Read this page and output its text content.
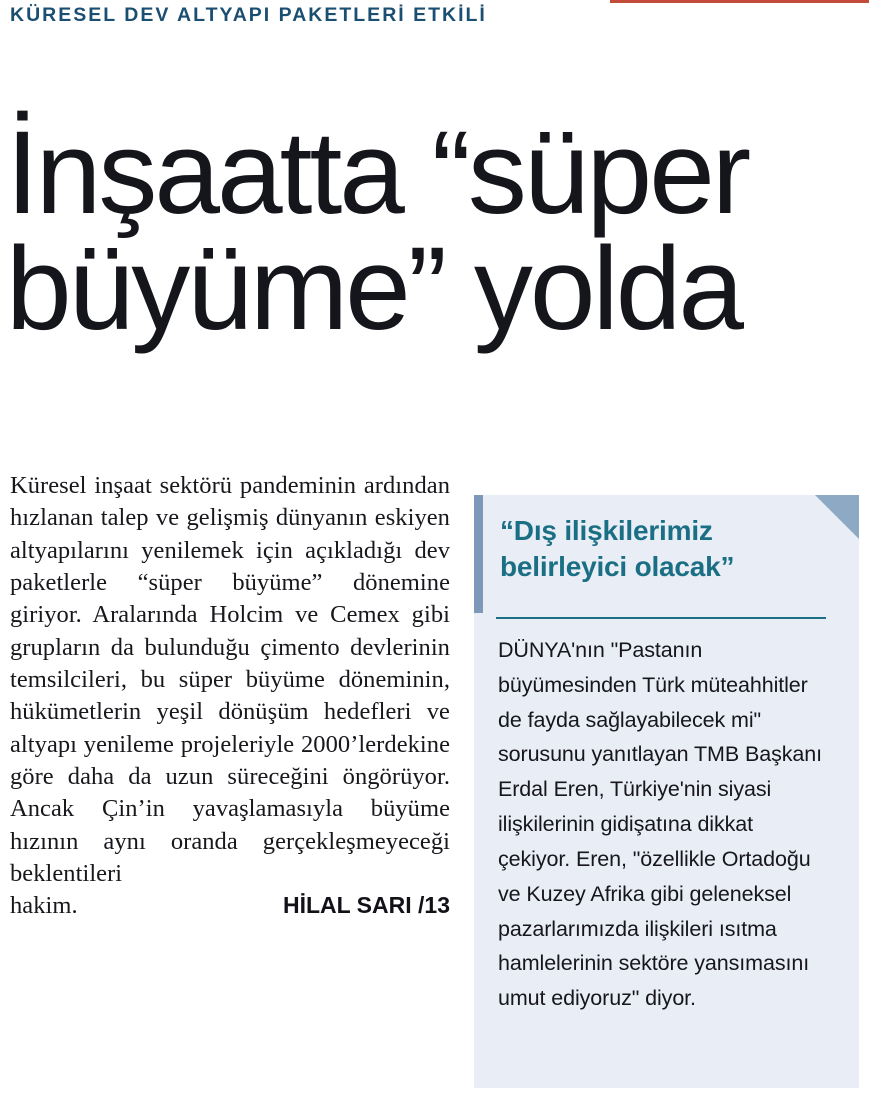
KÜRESEL DEV ALTYAPI PAKETLERİ ETKİLİ
İnşaatta “süper
büyüme” yolda

Küresel inşaat sektörü pandeminin ardından hızlanan talep ve gelişmiş dünyanın eskiyen altyapılarını yenilemek için açıkladığı dev paketlerle “süper büyüme” dönemine giriyor. Aralarında Holcim ve Cemex gibi grupların da bulunduğu çimento devlerinin temsilcileri, bu süper büyüme döneminin, hükümetlerin yeşil dönüşüm hedefleri ve altyapı yenileme projeleriyle 2000’lerdekine göre daha da uzun süreceğini öngörüyor. Ancak Çin’in yavaşlamasıyla büyüme hızının aynı oranda gerçekleşmeyeceği beklentileri

hakim.	HİLAL SARI /13
“Dış ilişkilerimiz belirleyici olacak”

DÜNYA'nın "Pastanın büyümesinden Türk müteahhitler de fayda sağlayabilecek mi" sorusunu yanıtlayan TMB Başkanı Erdal Eren, Türkiye'nin siyasi ilişkilerinin gidişatına dikkat çekiyor. Eren, "özellikle Ortadoğu ve Kuzey Afrika gibi geleneksel pazarlarımızda ilişkileri ısıtma hamlelerinin sektöre yansımasını umut ediyoruz" diyor.
